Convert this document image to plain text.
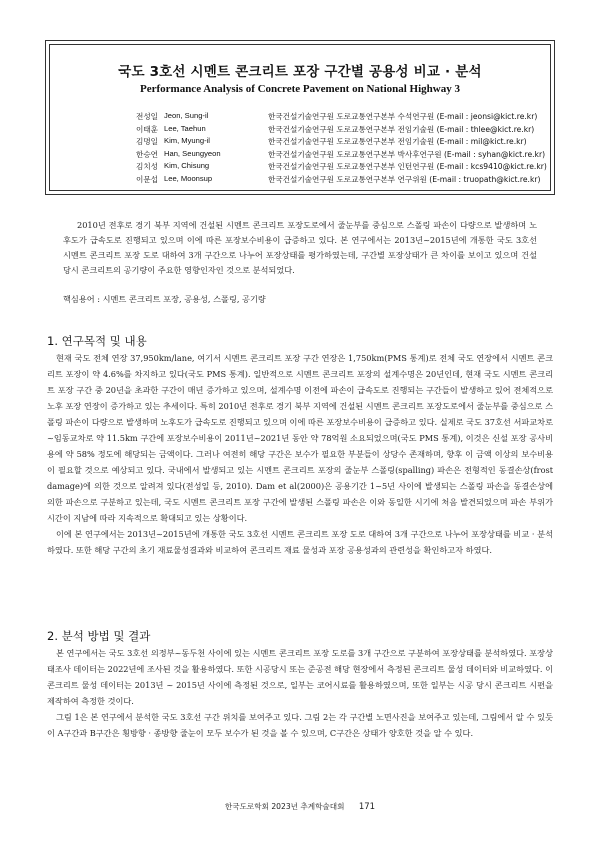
국도 3호선 시멘트 콘크리트 포장 구간별 공용성 비교 · 분석
Performance Analysis of Concrete Pavement on National Highway 3
전성일 Jeon, Sung-il	한국건설기술연구원 도로교통연구본부 수석연구원 (E-mail : jeonsi@kict.re.kr)
이태훈 Lee, Taehun	한국건설기술연구원 도로교통연구본부 전임기술원 (E-mail : thlee@kict.re.kr)
김명일 Kim, Myung-il	한국건설기술연구원 도로교통연구본부 전임기술원 (E-mail : mil@kict.re.kr)
한승연 Han, Seungyeon	한국건설기술연구원 도로교통연구본부 박사후연구원 (E-mail : syhan@kict.re.kr)
김치성 Kim, Chisung	한국건설기술연구원 도로교통연구본부 인턴연구원 (E-mail : kcs9410@kict.re.kr)
이문섭 Lee, Moonsup	한국건설기술연구원 도로교통연구본부 연구위원 (E-mail : truopath@kict.re.kr)
2010년 전후로 경기 북부 지역에 건설된 시멘트 콘크리트 포장도로에서 줄눈부를 중심으로 스폴링 파손이 다량으로 발생하며 노후도가 급속도로 진행되고 있으며 이에 따른 포장보수비용이 급증하고 있다. 본 연구에서는 2013년~2015년에 개통한 국도 3호선 시멘트 콘크리트 포장 도로 대하여 3개 구간으로 나누어 포장상태를 평가하였는데, 구간별 포장상태가 큰 차이를 보이고 있으며 건설 당시 콘크리트의 공기량이 주요한 영향인자인 것으로 분석되었다.
핵심용어 : 시멘트 콘크리트 포장, 공용성, 스폴링, 공기량
1. 연구목적 및 내용

현재 국도 전체 연장 37,950km/lane, 여기서 시멘트 콘크리트 포장 구간 연장은 1,750km(PMS 통계)로 전체 국도 연장에서 시멘트 콘크리트 포장이 약 4.6%를 차지하고 있다(국도 PMS 통계). 일반적으로 시멘트 콘크리트 포장의 설계수명은 20년인데, 현재 국도 시멘트 콘크리트 포장 구간 중 20년을 초과한 구간이 매년 증가하고 있으며, 설계수명 이전에 파손이 급속도로 진행되는 구간들이 발생하고 있어 전체적으로 노후 포장 연장이 증가하고 있는 추세이다. 특히 2010년 전후로 경기 북부 지역에 건설된 시멘트 콘크리트 포장도로에서 줄눈부를 중심으로 스폴링 파손이 다량으로 발생하며 노후도가 급속도로 진행되고 있으며 이에 따른 포장보수비용이 급증하고 있다. 실제로 국도 37호선 서파교차로~임동교차로 약 11.5km 구간에 포장보수비용이 2011년~2021년 동안 약 78억원 소요되었으며(국도 PMS 통계), 이것은 신설 포장 공사비용에 약 58% 정도에 해당되는 금액이다. 그러나 여전히 해당 구간은 보수가 필요한 부분들이 상당수 존재하며, 향후 이 금액 이상의 보수비용이 필요할 것으로 예상되고 있다. 국내에서 발생되고 있는 시멘트 콘크리트 포장의 줄눈부 스폴링(spalling) 파손은 전형적인 동결손상(frost damage)에 의한 것으로 알려져 있다(전성일 등, 2010). Dam et al(2000)은 공용기간 1~5년 사이에 발생되는 스폴링 파손을 동결손상에 의한 파손으로 구분하고 있는데, 국도 시멘트 콘크리트 포장 구간에 발생된 스폴링 파손은 이와 동일한 시기에 처음 발견되었으며 파손 부위가 시간이 지남에 따라 지속적으로 확대되고 있는 상황이다.

이에 본 연구에서는 2013년~2015년에 개통한 국도 3호선 시멘트 콘크리트 포장 도로 대하여 3개 구간으로 나누어 포장상태를 비교 · 분석하였다. 또한 해당 구간의 초기 재료물성결과와 비교하여 콘크리트 재료 물성과 포장 공용성과의 관련성을 확인하고자 하였다.

2. 분석 방법 및 결과

본 연구에서는 국도 3호선 의정부~동두천 사이에 있는 시멘트 콘크리트 포장 도로를 3개 구간으로 구분하여 포장상태를 분석하였다. 포장상태조사 데이터는 2022년에 조사된 것을 활용하였다. 또한 시공당시 또는 준공전 해당 현장에서 측정된 콘크리트 물성 데이터와 비교하였다. 이 콘크리트 물성 데이터는 2013년 ~ 2015년 사이에 측정된 것으로, 일부는 코어시료를 활용하였으며, 또한 일부는 시공 당시 콘크리트 시편을 제작하여 측정한 것이다.

그림 1은 본 연구에서 분석한 국도 3호선 구간 위치를 보여주고 있다. 그림 2는 각 구간별 노면사진을 보여주고 있는데, 그림에서 알 수 있듯이 A구간과 B구간은 횡방향 · 종방향 줄눈이 모두 보수가 된 것을 볼 수 있으며, C구간은 상태가 양호한 것을 알 수 있다.

한국도로학회 2023년 추계학술대회 171
